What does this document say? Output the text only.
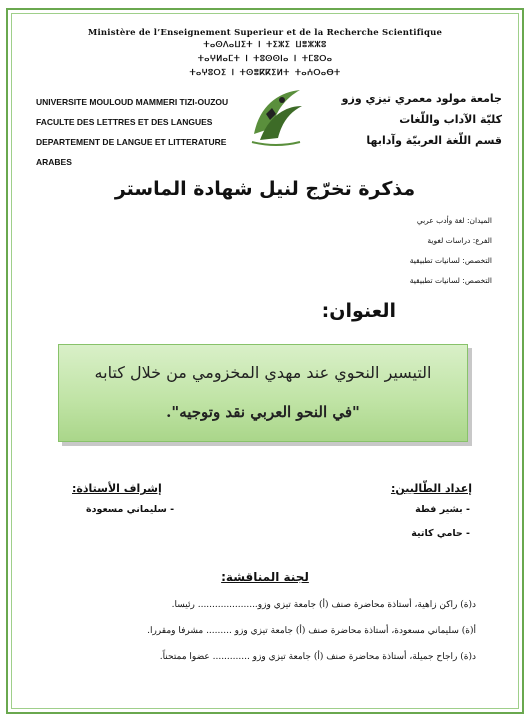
Ministère de l’Enseignement Superieur et de la Recherche Scientifique
ⵜⴰⵙⴷⴰⵡⵉⵜ ⵏ ⵜⵉⵣⵉ ⵡⴻⵣⵣⵓ
ⵜⴰⵖⵍⴰⵎⵜ ⵏ ⵜⵓⵙⵙⵏⴰ ⵏ ⵜⵎⵓⵔⴰ
ⵜⴰⵖⵓⵔⵉ ⵏ ⵜⵙⴻⴽⴽⵉⵍⵜ ⵜⴰⵄⵔⴰⴱⵜ
UNIVERSITE MOULOUD MAMMERI TIZI-OUZOU
FACULTE DES LETTRES ET DES LANGUES
DEPARTEMENT DE LANGUE ET LITTERATURE ARABES
جامعة مولود معمري تيزي وزو
كليّة الآداب واللّغات
قسم اللّغة العربيّة وآدابها
مذكرة تخرّج لنيل شهادة الماستر
الميدان: لغة وأدب عربي
الفرع: دراسات لغوية
التخصص: لسانيات تطبيقية
التخصص: لسانيات تطبيقية
العنوان:
التيسير النحوي عند مهدي المخزومي من خلال كتابه
"في النحو العربي نقد وتوجيه".
إعداد الطّالبين:
- بشير فطة
- حامي كاتية
إشراف الأستاذة:
- سليماني مسعودة
لجنة المناقشة:
د(ة) راكن زاهية، أستاذة محاضرة صنف (أ) جامعة تيزي وزو..................... رئيسا.
أ(ة) سليماني مسعودة، أستاذة محاضرة صنف (أ) جامعة تيزي وزو ......... مشرفا ومقررا.
د(ة) راجاح جميلة، أستاذة محاضرة صنف (أ) جامعة تيزي وزو ............. عضوا ممتحناً.
